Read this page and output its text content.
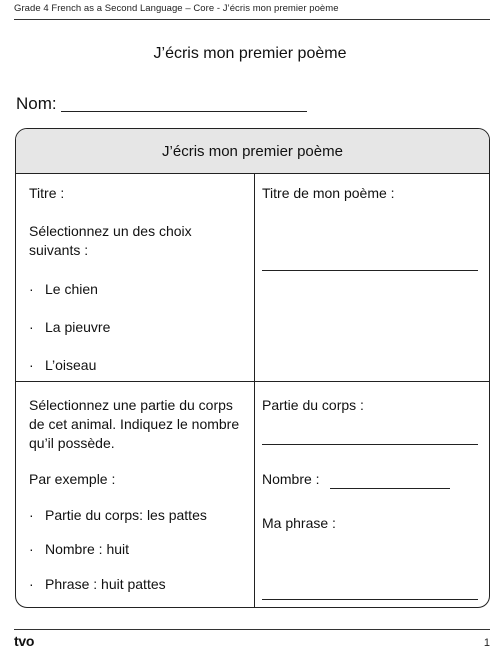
Grade 4 French as a Second Language – Core - J’écris mon premier poème
J’écris mon premier poème
Nom:
J’écris mon premier poème
Titre :
Sélectionnez un des choix suivants :
· Le chien
· La pieuvre
· L’oiseau
Titre de mon poème :
Sélectionnez une partie du corps de cet animal. Indiquez le nombre qu’il possède.
Par exemple :
· Partie du corps: les pattes
· Nombre : huit
· Phrase : huit pattes
Partie du corps :
Nombre :
Ma phrase :
tvo	1
